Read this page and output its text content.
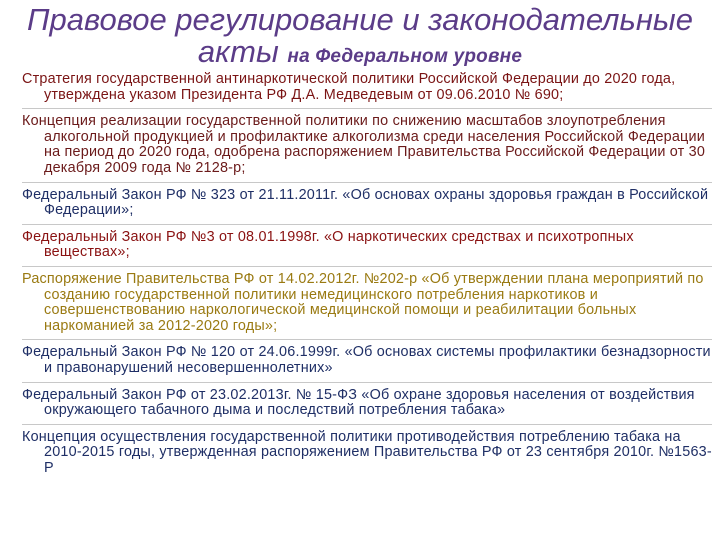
Правовое регулирование и законодательные
акты на Федеральном уровне
Стратегия государственной антинаркотической политики Российской Федерации до 2020 года, утверждена указом Президента РФ Д.А. Медведевым от 09.06.2010 № 690;
Концепция реализации государственной политики по снижению масштабов злоупотребления алкогольной продукцией и профилактике алкоголизма среди населения Российской Федерации на период до 2020 года, одобрена распоряжением Правительства Российской Федерации от 30 декабря 2009 года № 2128-р;
Федеральный Закон РФ № 323 от 21.11.2011г. «Об основах охраны здоровья граждан в Российской Федерации»;
Федеральный Закон РФ №3 от 08.01.1998г. «О наркотических средствах и психотропных веществах»;
Распоряжение Правительства РФ от 14.02.2012г. №202-р «Об утверждении плана мероприятий по созданию государственной политики немедицинского потребления наркотиков и совершенствованию наркологической медицинской помощи и реабилитации больных наркоманией за 2012-2020 годы»;
Федеральный Закон РФ № 120 от 24.06.1999г. «Об основах системы профилактики безнадзорности и правонарушений несовершеннолетних»
Федеральный Закон РФ от 23.02.2013г. № 15-ФЗ «Об охране здоровья населения от воздействия окружающего табачного дыма и последствий потребления табака»
Концепция осуществления государственной политики противодействия потреблению табака на 2010-2015 годы, утвержденная распоряжением Правительства РФ от 23 сентября 2010г. №1563-Р
